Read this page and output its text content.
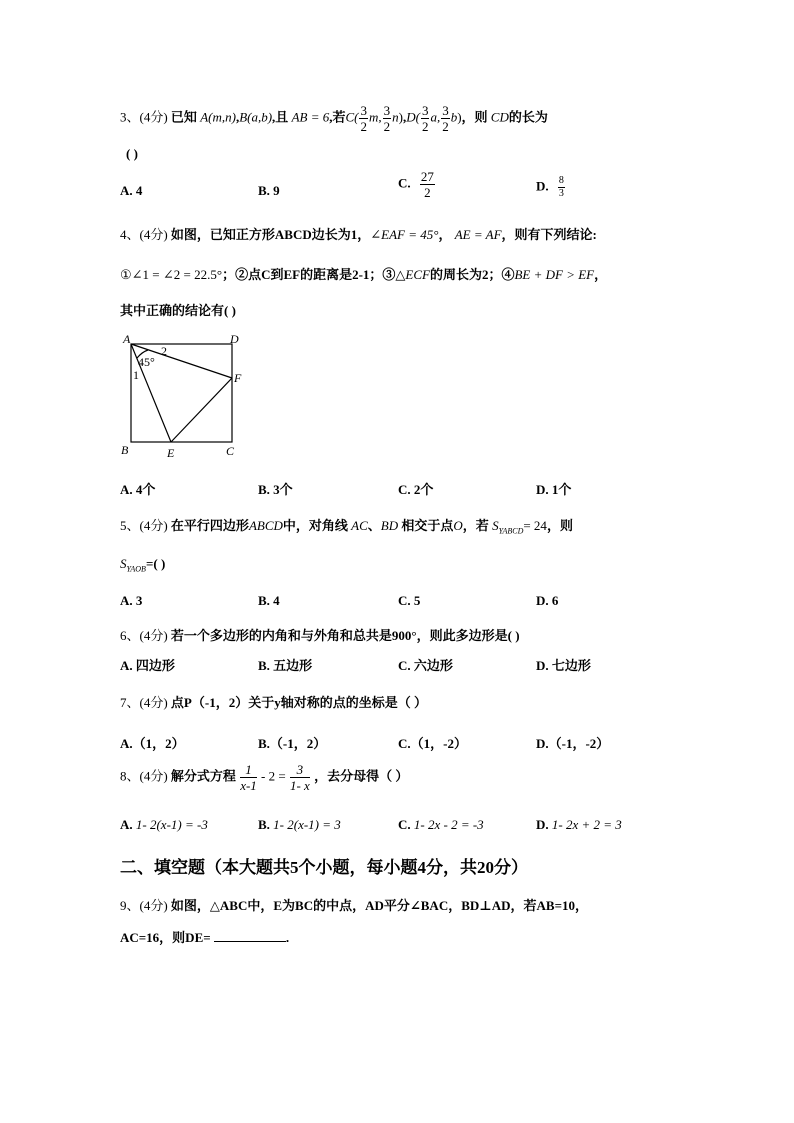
3、(4分) 已知 A(m,n),B(a,b),且 AB = 6,若$C( \frac{3}{2} m$, $\frac{3}{2} n),D( \frac{3}{2} a$, $\frac{3}{2} b$)，则 CD的长为
( )
A. 4	B. 9
C. $\frac{27}{2}$	D. $\frac{8}{3}$
4、(4分) 如图，已知正方形ABCD边长为1，∠EAF = 45°， AE = AF，则有下列结论:
①∠1 = ∠2 = 22.5°；②点C到EF的距离是2-1；③△ECF的周长为2；④BE + DF > EF，
其中正确的结论有( )
A	D
B	E	C
F
45°
1
2
A. 4个	B. 3个	C. 2个	D. 1个
5、(4分) 在平行四边形ABCD中，对角线 AC、BD 相交于点O，若 $S_{YABCD}= 24$，则
$S_{YAOB}=$( )
A. 3	B. 4	C. 5	D. 6
6、(4分) 若一个多边形的内角和与外角和总共是900°，则此多边形是( )
A. 四边形	B. 五边形	C. 六边形	D. 七边形
7、(4分) 点P（-1，2）关于y轴对称的点的坐标是（ ）
A.（1，2）	B.（-1，2）	C.（1，-2）	D.（-1，-2）
8、(4分) 解分式方程 $\frac{1}{x-1} - 2 = \frac{3}{1- x}$ ，去分母得（ ）
A. 1- 2(x-1) = -3	B. 1- 2(x-1) = 3	C. 1- 2x - 2 = -3	D. 1- 2x + 2 = 3
二、填空题（本大题共5个小题，每小题4分，共20分）
9、(4分) 如图，△ABC中，E为BC的中点，AD平分∠BAC，BD⊥AD，若AB=10，
AC=16，则DE=	.
